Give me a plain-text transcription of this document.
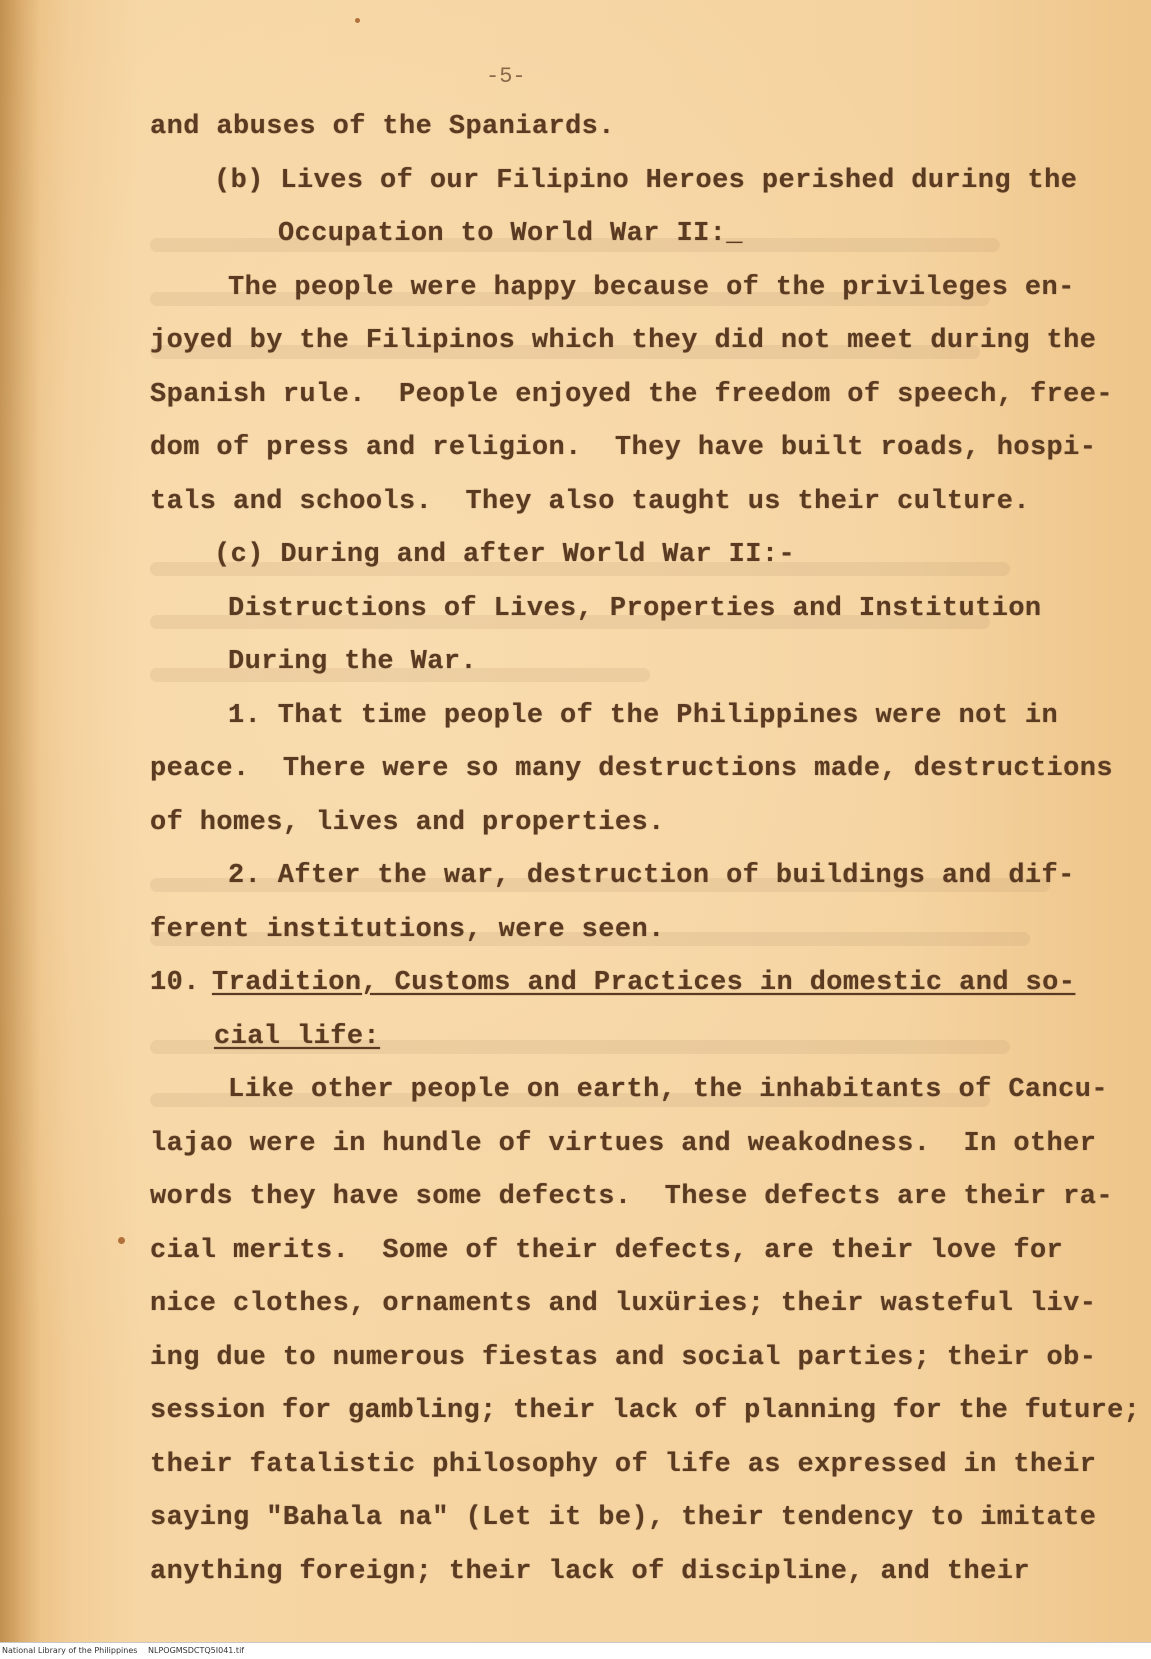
-5-
and abuses of the Spaniards.
(b) Lives of our Filipino Heroes perished during the
Occupation to World War II:_
The people were happy because of the privileges en-
joyed by the Filipinos which they did not meet during the
Spanish rule.  People enjoyed the freedom of speech, free-
dom of press and religion.  They have built roads, hospi-
tals and schools.  They also taught us their culture.
(c) During and after World War II:-
Distructions of Lives, Properties and Institution
During the War.
1. That time people of the Philippines were not in
peace.  There were so many destructions made, destructions
of homes, lives and properties.
2. After the war, destruction of buildings and dif-
ferent institutions, were seen.
10. Tradition, Customs and Practices in domestic and so-
cial life:
Like other people on earth, the inhabitants of Cancu-
lajao were in hundle of virtues and weakodness.  In other
words they have some defects.  These defects are their ra-
cial merits.  Some of their defects, are their love for
nice clothes, ornaments and luxüries; their wasteful liv-
ing due to numerous fiestas and social parties; their ob-
session for gambling; their lack of planning for the future;
their fatalistic philosophy of life as expressed in their
saying "Bahala na" (Let it be), their tendency to imitate
anything foreign; their lack of discipline, and their
National Library of the Philippines NLPOGMSDCTQ5I041.tif
